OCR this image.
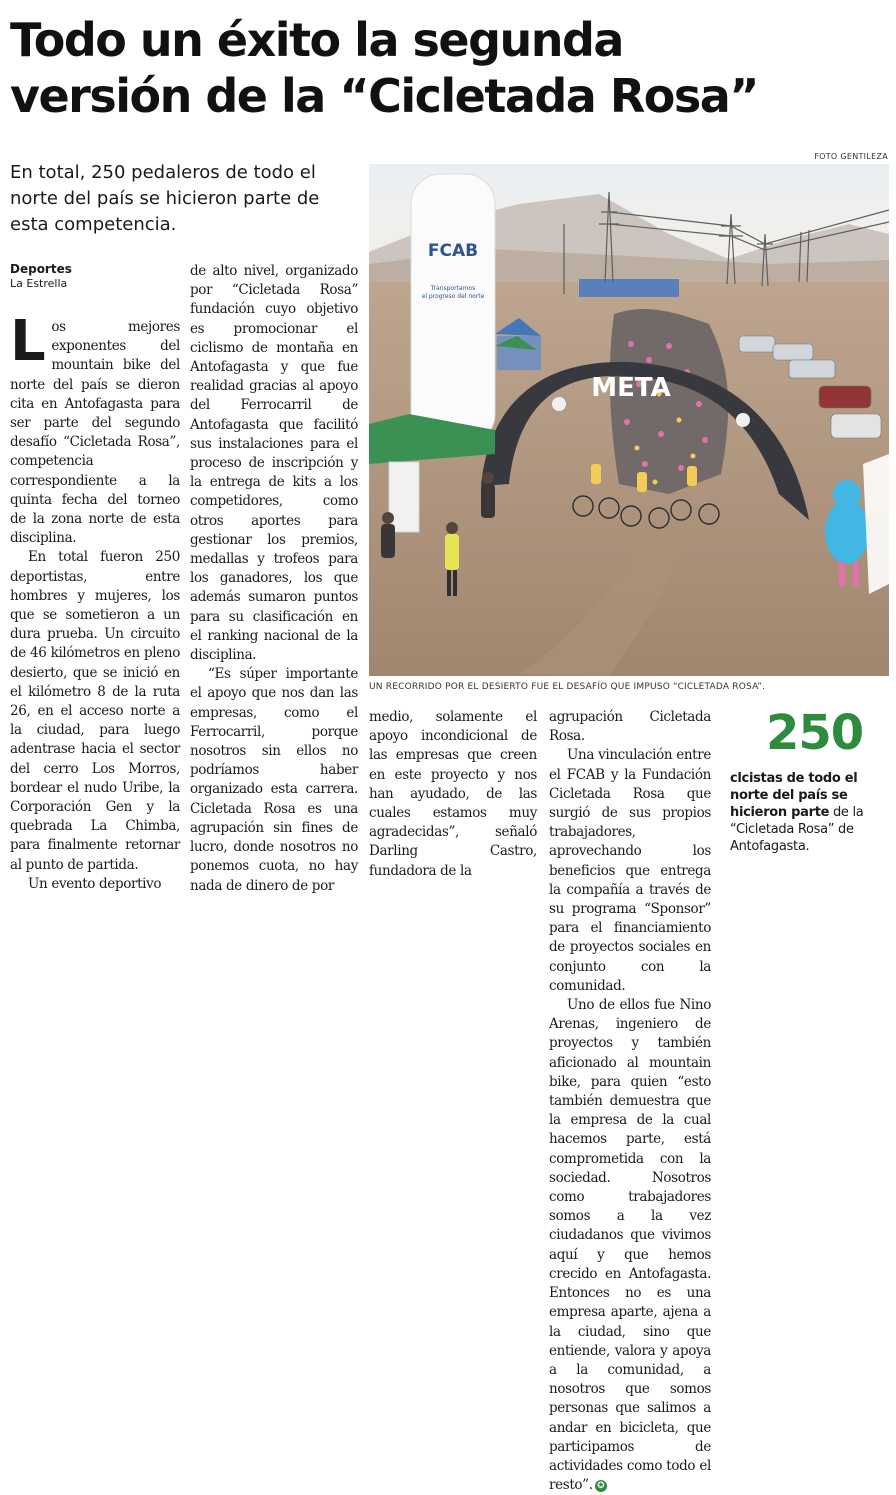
Todo un éxito la segunda
versión de la “Cicletada Rosa”

En total, 250 pedaleros de todo el norte del país se hicieron parte de esta competencia.

FOTO GENTILEZA
META
FCAB
Transportamos
el progreso del norte
UN RECORRIDO POR EL DESIERTO FUE EL DESAFÍO QUE IMPUSO “CICLETADA ROSA”.
Deportes
La Estrella

Los mejores exponentes del mountain bike del norte del país se dieron cita en Antofagasta para ser parte del segundo desafío “Cicletada Rosa”, competencia correspondiente a la quinta fecha del torneo de la zona norte de esta disciplina.

En total fueron 250 deportistas, entre hombres y mujeres, los que se sometieron a un dura prueba. Un circuito de 46 kilómetros en pleno desierto, que se inició en el kilómetro 8 de la ruta 26, en el acceso norte a la ciudad, para luego adentrase hacia el sector del cerro Los Morros, bordear el nudo Uribe, la Corporación Gen y la quebrada La Chimba, para finalmente retornar al punto de partida.

Un evento deportivo

de alto nivel, organizado por “Cicletada Rosa” fundación cuyo objetivo es promocionar el ciclismo de montaña en Antofagasta y que fue realidad gracias al apoyo del Ferrocarril de Antofagasta que facilitó sus instalaciones para el proceso de inscripción y la entrega de kits a los competidores, como otros aportes para gestionar los premios, medallas y trofeos para los ganadores, los que además sumaron puntos para su clasificación en el ranking nacional de la disciplina.

“Es súper importante el apoyo que nos dan las empresas, como el Ferrocarril, porque nosotros sin ellos no podríamos haber organizado esta carrera. Cicletada Rosa es una agrupación sin fines de lucro, donde nosotros no ponemos cuota, no hay nada de dinero de por

medio, solamente el apoyo incondicional de las empresas que creen en este proyecto y nos han ayudado, de las cuales estamos muy agradecidas”, señaló Darling Castro, fundadora de la

agrupación Cicletada Rosa.

Una vinculación entre el FCAB y la Fundación Cicletada Rosa que surgió de sus propios trabajadores, aprovechando los beneficios que entrega la compañía a través de su programa “Sponsor” para el financiamiento de proyectos sociales en conjunto con la comunidad.

Uno de ellos fue Nino Arenas, ingeniero de proyectos y también aficionado al mountain bike, para quien “esto también demuestra que la empresa de la cual hacemos parte, está comprometida con la sociedad. Nosotros como trabajadores somos a la vez ciudadanos que vivimos aquí y que hemos crecido en Antofagasta. Entonces no es una empresa aparte, ajena a la ciudad, sino que entiende, valora y apoya a la comunidad, a nosotros que somos personas que salimos a andar en bicicleta, que participamos de actividades como todo el resto”. ✪

250
clcistas de todo el norte del país se hicieron parte de la “Cicletada Rosa” de Antofagasta.
